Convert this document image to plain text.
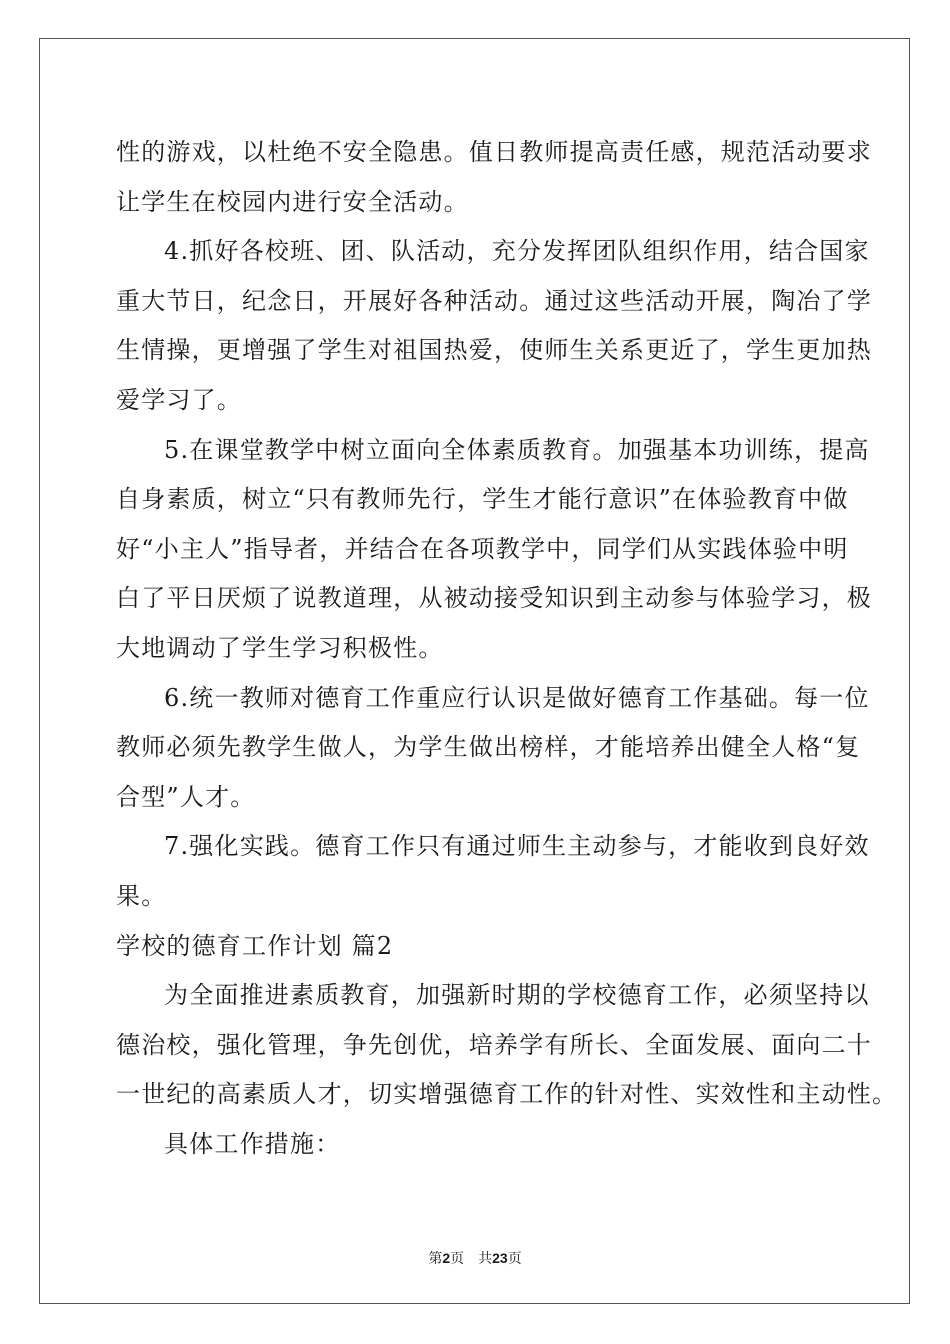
性的游戏，以杜绝不安全隐患。值日教师提高责任感，规范活动要求
让学生在校园内进行安全活动。
4.抓好各校班、团、队活动，充分发挥团队组织作用，结合国家
重大节日，纪念日，开展好各种活动。通过这些活动开展，陶冶了学
生情操，更增强了学生对祖国热爱，使师生关系更近了，学生更加热
爱学习了。
5.在课堂教学中树立面向全体素质教育。加强基本功训练，提高
自身素质，树立“只有教师先行，学生才能行意识”在体验教育中做
好“小主人”指导者，并结合在各项教学中，同学们从实践体验中明
白了平日厌烦了说教道理，从被动接受知识到主动参与体验学习，极
大地调动了学生学习积极性。
6.统一教师对德育工作重应行认识是做好德育工作基础。每一位
教师必须先教学生做人，为学生做出榜样，才能培养出健全人格“复
合型”人才。
7.强化实践。德育工作只有通过师生主动参与，才能收到良好效
果。
学校的德育工作计划 篇2
为全面推进素质教育，加强新时期的学校德育工作，必须坚持以
德治校，强化管理，争先创优，培养学有所长、全面发展、面向二十
一世纪的高素质人才，切实增强德育工作的针对性、实效性和主动性。
具体工作措施：
第2页 共23页
